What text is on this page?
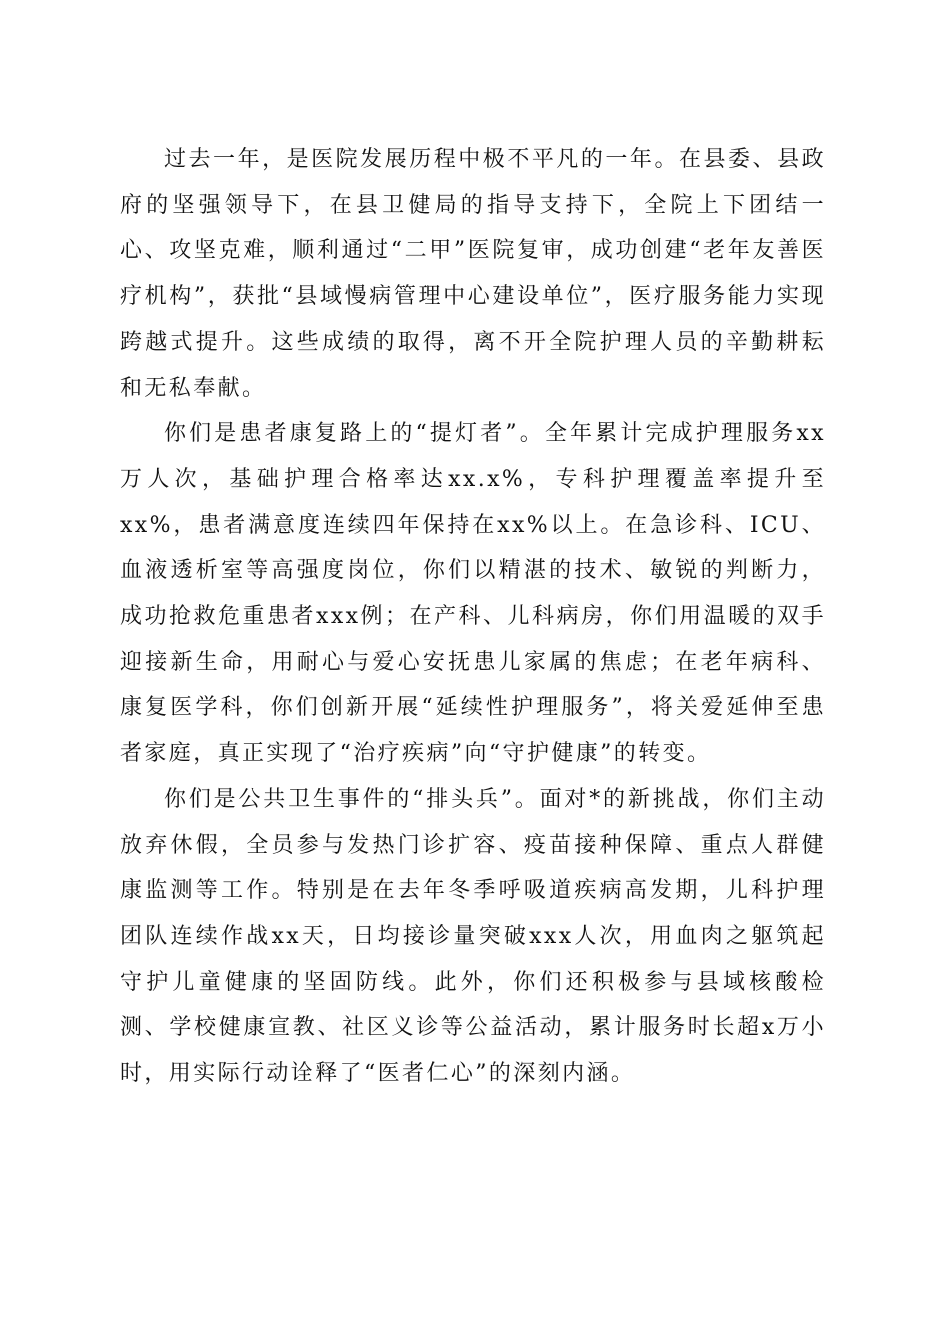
过去一年，是医院发展历程中极不平凡的一年。在县委、县政府的坚强领导下，在县卫健局的指导支持下，全院上下团结一心、攻坚克难，顺利通过“二甲”医院复审，成功创建“老年友善医疗机构”，获批“县域慢病管理中心建设单位”，医疗服务能力实现跨越式提升。这些成绩的取得，离不开全院护理人员的辛勤耕耘和无私奉献。

你们是患者康复路上的“提灯者”。全年累计完成护理服务xx万人次，基础护理合格率达xx.x%，专科护理覆盖率提升至xx%，患者满意度连续四年保持在xx%以上。在急诊科、ICU、血液透析室等高强度岗位，你们以精湛的技术、敏锐的判断力，成功抢救危重患者xxx例；在产科、儿科病房，你们用温暖的双手迎接新生命，用耐心与爱心安抚患儿家属的焦虑；在老年病科、康复医学科，你们创新开展“延续性护理服务”，将关爱延伸至患者家庭，真正实现了“治疗疾病”向“守护健康”的转变。

你们是公共卫生事件的“排头兵”。面对*的新挑战，你们主动放弃休假，全员参与发热门诊扩容、疫苗接种保障、重点人群健康监测等工作。特别是在去年冬季呼吸道疾病高发期，儿科护理团队连续作战xx天，日均接诊量突破xxx人次，用血肉之躯筑起守护儿童健康的坚固防线。此外，你们还积极参与县域核酸检测、学校健康宣教、社区义诊等公益活动，累计服务时长超x万小时，用实际行动诠释了“医者仁心”的深刻内涵。
